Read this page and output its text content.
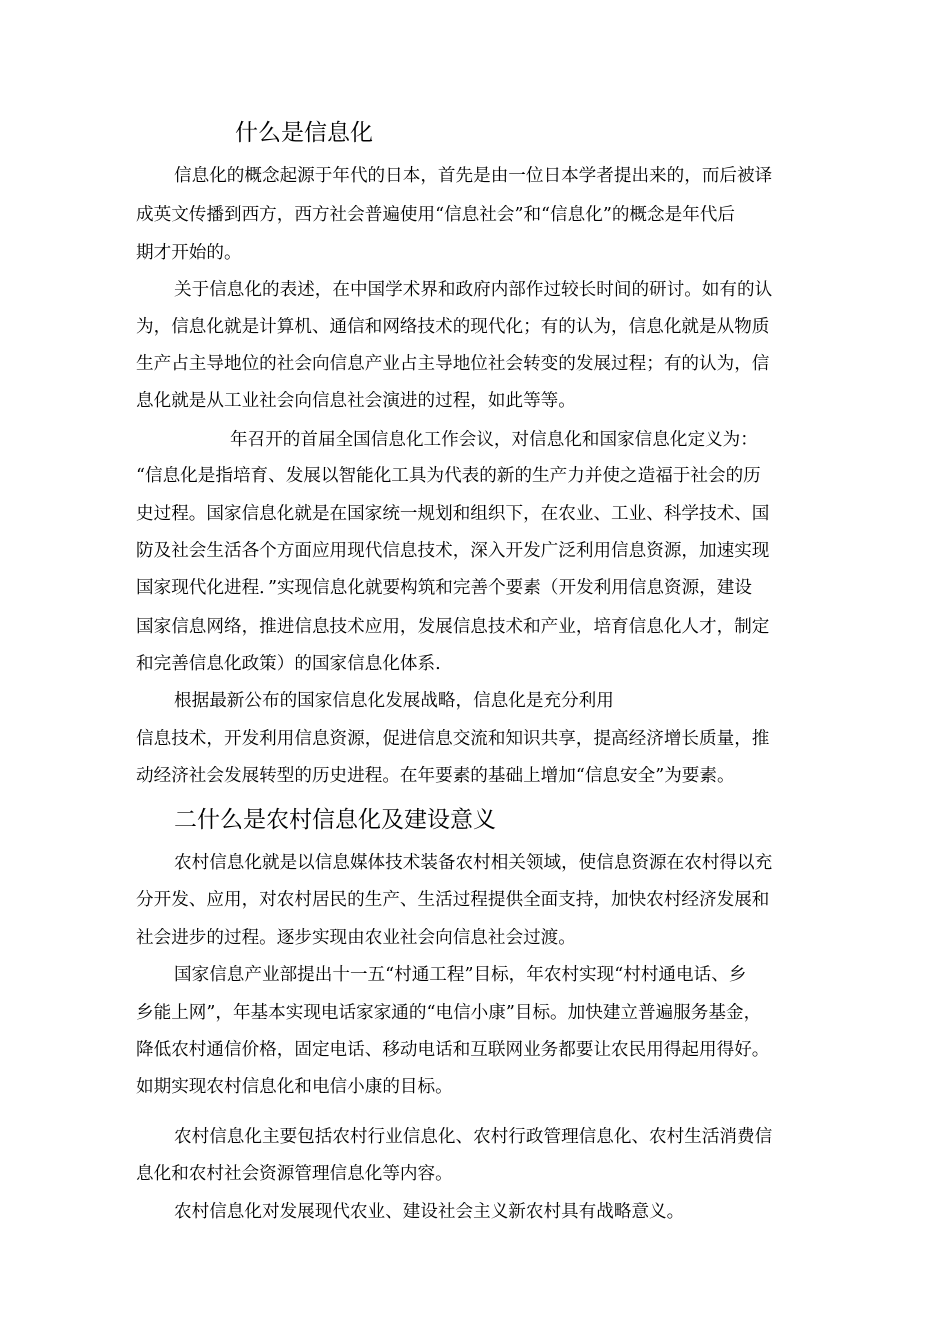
什么是信息化
信息化的概念起源于年代的日本，首先是由一位日本学者提出来的，而后被译
成英文传播到西方，西方社会普遍使用“信息社会”和“信息化”的概念是年代后
期才开始的。
关于信息化的表述，在中国学术界和政府内部作过较长时间的研讨。如有的认
为，信息化就是计算机、通信和网络技术的现代化；有的认为，信息化就是从物质
生产占主导地位的社会向信息产业占主导地位社会转变的发展过程；有的认为，信
息化就是从工业社会向信息社会演进的过程，如此等等。
年召开的首届全国信息化工作会议，对信息化和国家信息化定义为：
“信息化是指培育、发展以智能化工具为代表的新的生产力并使之造福于社会的历
史过程。国家信息化就是在国家统一规划和组织下，在农业、工业、科学技术、国
防及社会生活各个方面应用现代信息技术，深入开发广泛利用信息资源，加速实现
国家现代化进程．”实现信息化就要构筑和完善个要素（开发利用信息资源，建设
国家信息网络，推进信息技术应用，发展信息技术和产业，培育信息化人才，制定
和完善信息化政策）的国家信息化体系.
根据最新公布的国家信息化发展战略，信息化是充分利用
信息技术，开发利用信息资源，促进信息交流和知识共享，提高经济增长质量，推
动经济社会发展转型的历史进程。在年要素的基础上增加“信息安全”为要素。
二什么是农村信息化及建设意义
农村信息化就是以信息媒体技术装备农村相关领域，使信息资源在农村得以充
分开发、应用，对农村居民的生产、生活过程提供全面支持，加快农村经济发展和
社会进步的过程。逐步实现由农业社会向信息社会过渡。
国家信息产业部提出十一五“村通工程”目标，年农村实现“村村通电话、乡
乡能上网”，年基本实现电话家家通的“电信小康”目标。加快建立普遍服务基金，
降低农村通信价格，固定电话、移动电话和互联网业务都要让农民用得起用得好。
如期实现农村信息化和电信小康的目标。
农村信息化主要包括农村行业信息化、农村行政管理信息化、农村生活消费信
息化和农村社会资源管理信息化等内容。
农村信息化对发展现代农业、建设社会主义新农村具有战略意义。
